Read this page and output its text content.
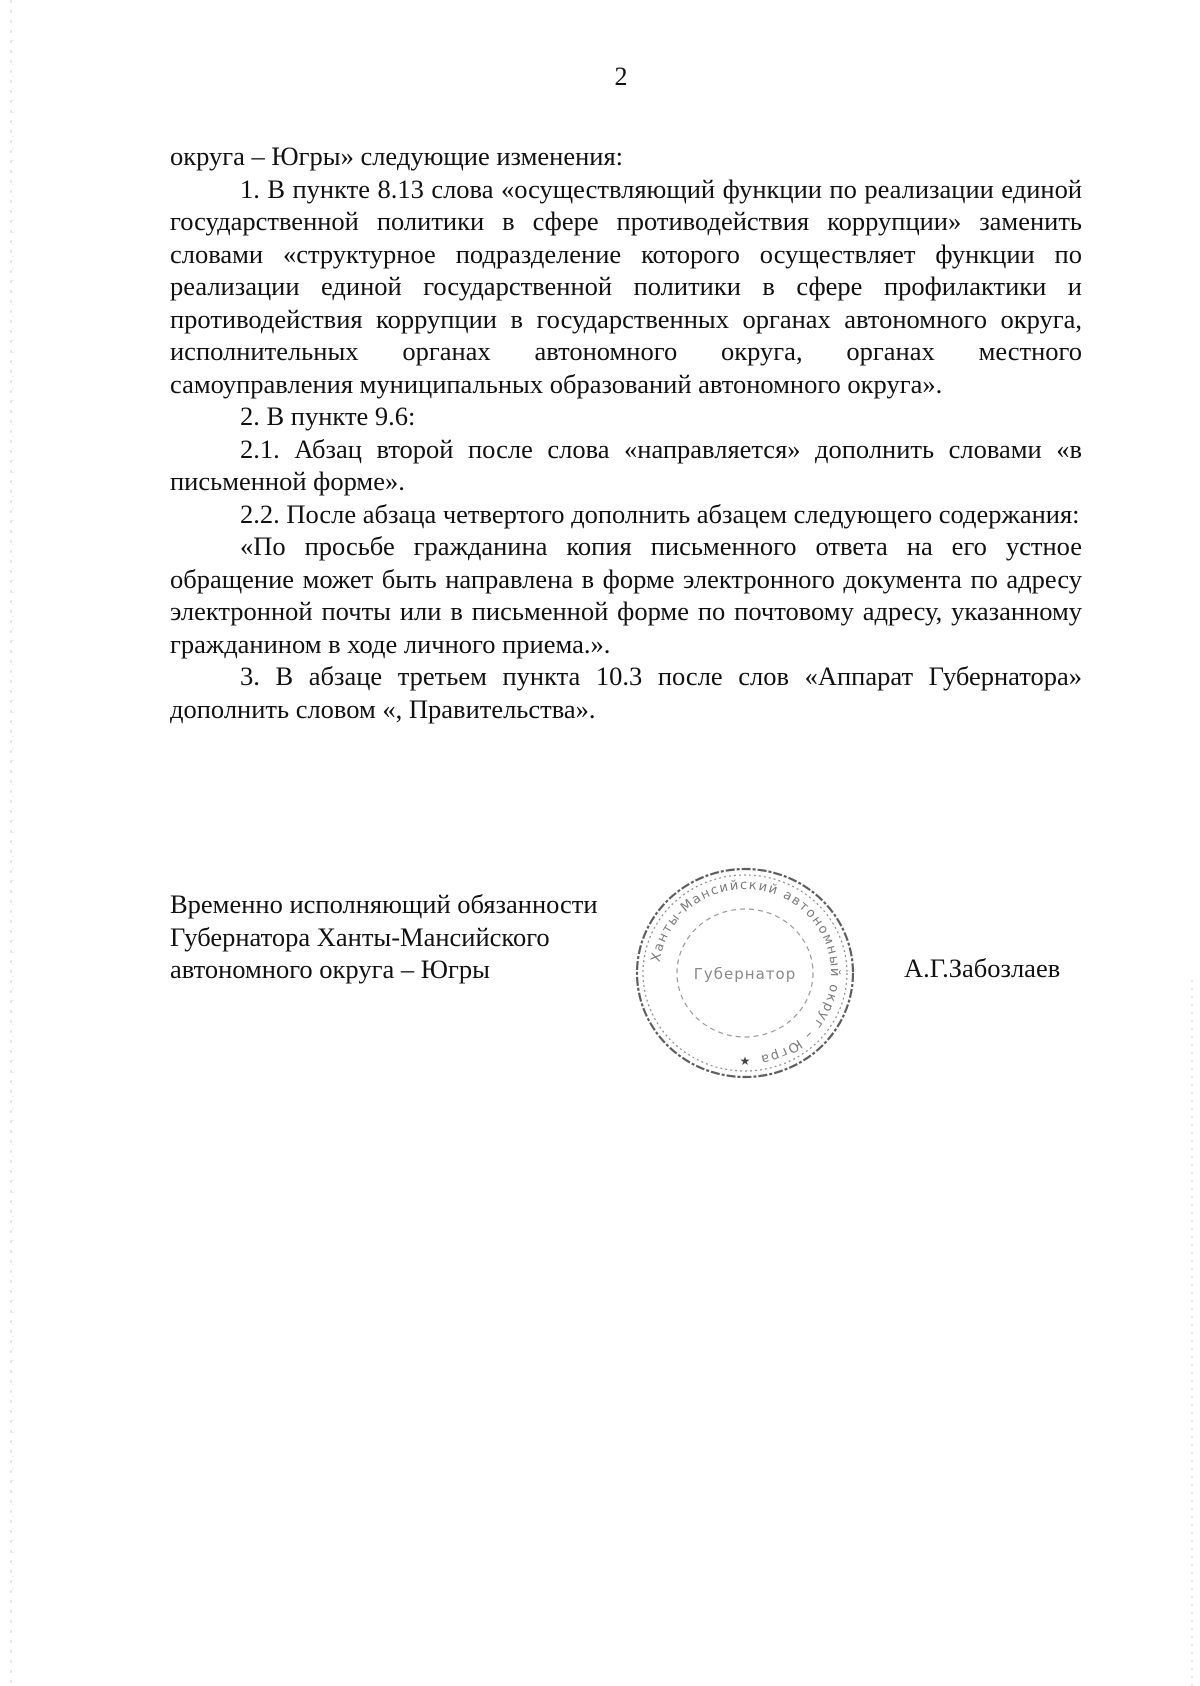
2

округа – Югры» следующие изменения:

1. В пункте 8.13 слова «осуществляющий функции по реализации единой государственной политики в сфере противодействия коррупции» заменить словами «структурное подразделение которого осуществляет функции по реализации единой государственной политики в сфере профилактики и противодействия коррупции в государственных органах автономного округа, исполнительных органах автономного округа, органах местного самоуправления муниципальных образований автономного округа».

2. В пункте 9.6:

2.1. Абзац второй после слова «направляется» дополнить словами «в письменной форме».

2.2. После абзаца четвертого дополнить абзацем следующего содержания:

«По просьбе гражданина копия письменного ответа на его устное обращение может быть направлена в форме электронного документа по адресу электронной почты или в письменной форме по почтовому адресу, указанному гражданином в ходе личного приема.».

3. В абзаце третьем пункта 10.3 после слов «Аппарат Губернатора» дополнить словом «, Правительства».

Временно исполняющий обязанности
Губернатора Ханты-Мансийского
автономного округа – Югры	Ханты-Мансийский автономный округ – Югра
Губернатор
★
А.Г.Забозлаев
